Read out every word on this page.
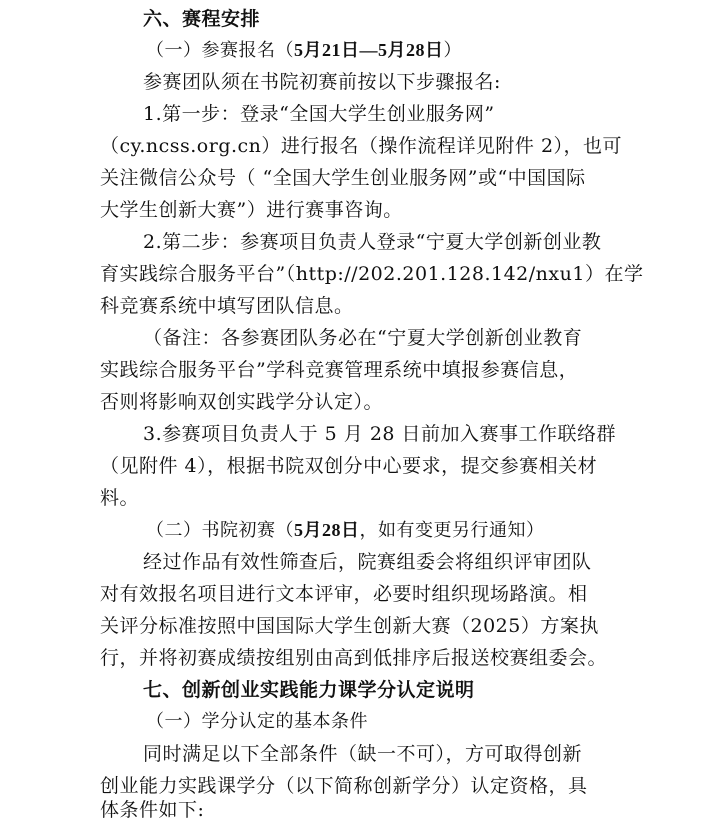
六、赛程安排
（一）参赛报名（5月21日—5月28日）
参赛团队须在书院初赛前按以下步骤报名:
1.第一步：登录“全国大学生创业服务网”
（cy.ncss.org.cn）进行报名（操作流程详见附件 2），也可
关注微信公众号（ “全国大学生创业服务网”或“中国国际
大学生创新大赛”）进行赛事咨询。
2.第二步：参赛项目负责人登录“宁夏大学创新创业教
育实践综合服务平台”（http://202.201.128.142/nxu1）在学
科竞赛系统中填写团队信息。
（备注：各参赛团队务必在“宁夏大学创新创业教育
实践综合服务平台”学科竞赛管理系统中填报参赛信息，
否则将影响双创实践学分认定）。
3.参赛项目负责人于 5 月 28 日前加入赛事工作联络群
（见附件 4），根据书院双创分中心要求，提交参赛相关材
料。
（二）书院初赛（5月28日，如有变更另行通知）
经过作品有效性筛查后，院赛组委会将组织评审团队
对有效报名项目进行文本评审，必要时组织现场路演。相
关评分标准按照中国国际大学生创新大赛（2025）方案执
行，并将初赛成绩按组别由高到低排序后报送校赛组委会。
七、创新创业实践能力课学分认定说明
（一）学分认定的基本条件
同时满足以下全部条件（缺一不可），方可取得创新
创业能力实践课学分（以下简称创新学分）认定资格，具
体条件如下:
